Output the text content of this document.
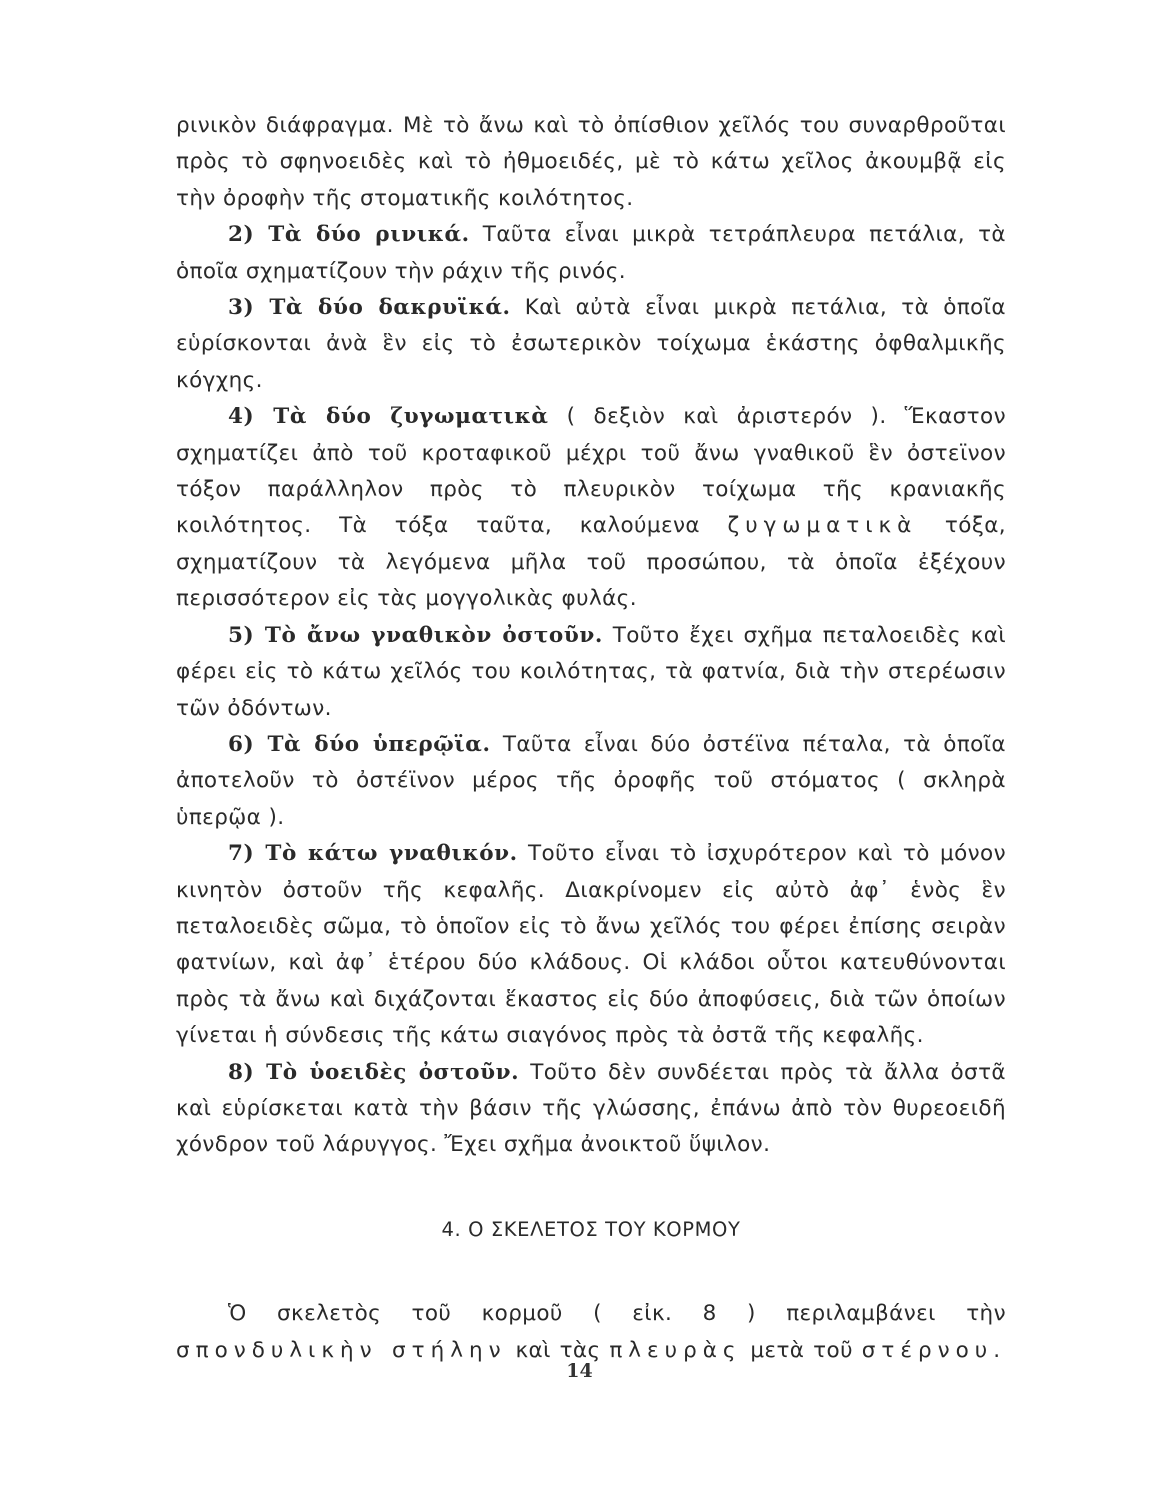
ρινικὸν διάφραγμα. Μὲ τὸ ἄνω καὶ τὸ ὀπίσθιον χεῖλός του συναρθροῦται πρὸς τὸ σφηνοειδὲς καὶ τὸ ἠθμοειδές, μὲ τὸ κάτω χεῖλος ἀκουμβᾷ εἰς τὴν ὀροφὴν τῆς στοματικῆς κοιλότητος.

2) Τὰ δύο ρινικά. Ταῦτα εἶναι μικρὰ τετράπλευρα πετάλια, τὰ ὁποῖα σχηματίζουν τὴν ράχιν τῆς ρινός.

3) Τὰ δύο δακρυϊκά. Καὶ αὐτὰ εἶναι μικρὰ πετάλια, τὰ ὁποῖα εὑρίσκονται ἀνὰ ἓν εἰς τὸ ἐσωτερικὸν τοίχωμα ἑκάστης ὀφθαλμικῆς κόγχης.

4) Τὰ δύο ζυγωματικὰ ( δεξιὸν καὶ ἀριστερόν ). Ἕκαστον σχηματίζει ἀπὸ τοῦ κροταφικοῦ μέχρι τοῦ ἄνω γναθικοῦ ἓν ὀστεϊνον τόξον παράλληλον πρὸς τὸ πλευρικὸν τοίχωμα τῆς κρανιακῆς κοιλότητος. Τὰ τόξα ταῦτα, καλούμενα ζυγωματικὰ τόξα, σχηματίζουν τὰ λεγόμενα μῆλα τοῦ προσώπου, τὰ ὁποῖα ἐξέχουν περισσότερον εἰς τὰς μογγολικὰς φυλάς.

5) Τὸ ἄνω γναθικὸν ὀστοῦν. Τοῦτο ἔχει σχῆμα πεταλοειδὲς καὶ φέρει εἰς τὸ κάτω χεῖλός του κοιλότητας, τὰ φατνία, διὰ τὴν στερέωσιν τῶν ὀδόντων.

6) Τὰ δύο ὑπερῷϊα. Ταῦτα εἶναι δύο ὀστέϊνα πέταλα, τὰ ὁποῖα ἀποτελοῦν τὸ ὀστέϊνον μέρος τῆς ὀροφῆς τοῦ στόματος ( σκληρὰ ὑπερῷα ).

7) Τὸ κάτω γναθικόν. Τοῦτο εἶναι τὸ ἰσχυρότερον καὶ τὸ μόνον κινητὸν ὀστοῦν τῆς κεφαλῆς. Διακρίνομεν εἰς αὐτὸ ἀφ᾽ ἑνὸς ἓν πεταλοειδὲς σῶμα, τὸ ὁποῖον εἰς τὸ ἄνω χεῖλός του φέρει ἐπίσης σειρὰν φατνίων, καὶ ἀφ᾽ ἑτέρου δύο κλάδους. Οἱ κλάδοι οὗτοι κατευθύνονται πρὸς τὰ ἄνω καὶ διχάζονται ἕκαστος εἰς δύο ἀποφύσεις, διὰ τῶν ὁποίων γίνεται ἡ σύνδεσις τῆς κάτω σιαγόνος πρὸς τὰ ὀστᾶ τῆς κεφαλῆς.

8) Τὸ ὑοειδὲς ὀστοῦν. Τοῦτο δὲν συνδέεται πρὸς τὰ ἄλλα ὀστᾶ καὶ εὑρίσκεται κατὰ τὴν βάσιν τῆς γλώσσης, ἐπάνω ἀπὸ τὸν θυρεοειδῆ χόνδρον τοῦ λάρυγγος. Ἔχει σχῆμα ἀνοικτοῦ ὕψιλον.

4. Ο ΣΚΕΛΕΤΟΣ ΤΟΥ ΚΟΡΜΟΥ

Ὁ σκελετὸς τοῦ κορμοῦ ( εἰκ. 8 ) περιλαμβάνει τὴν σπονδυλικὴν στήλην καὶ τὰς πλευρὰς μετὰ τοῦ στέρνου.

14
